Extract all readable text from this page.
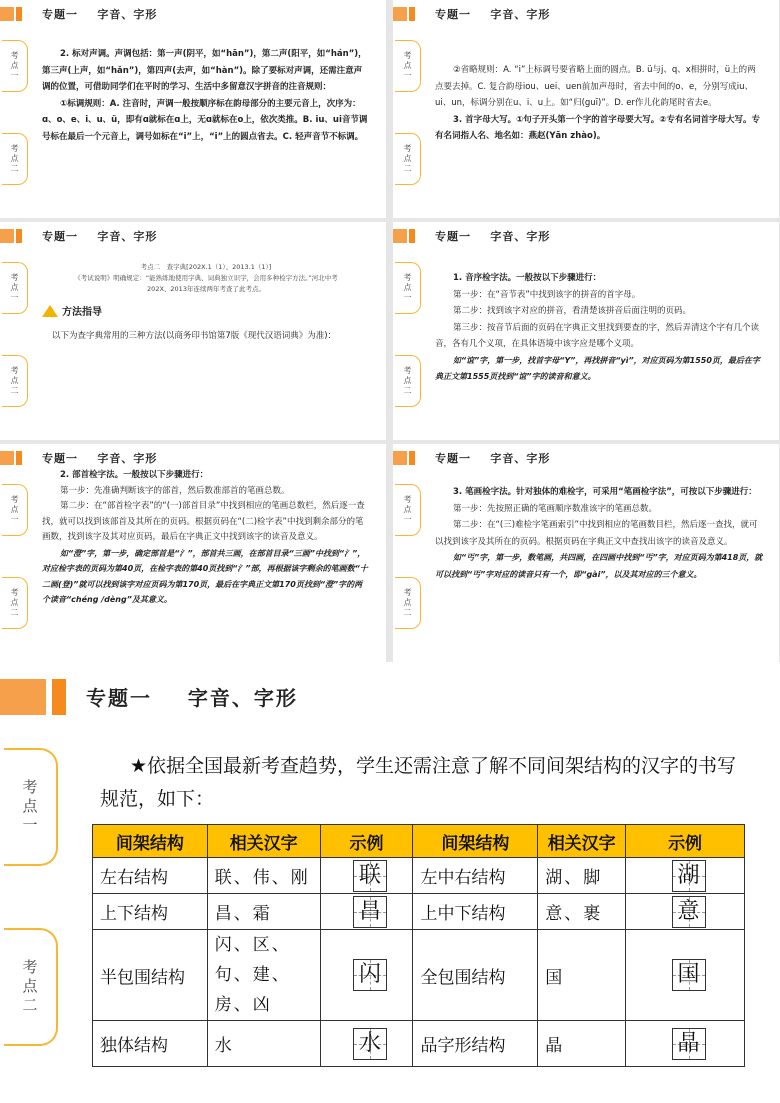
专题一    字音、字形
考点一
考点二

2. 标对声调。声调包括：第一声(阴平，如“hān”)，第二声(阳平，如“hán”)，第三声(上声，如“hǎn”)，第四声(去声，如“hàn”)。除了要标对声调，还需注意声调的位置，可借助同学们在平时的学习、生活中多留意汉字拼音的注音规则：

①标调规则：A. 注音时，声调一般按顺序标在韵母部分的主要元音上，次序为：ɑ、o、e、i、u、ü，即有ɑ就标在ɑ上，无ɑ就标在o上，依次类推。B. iu、ui音节调号标在最后一个元音上，调号如标在“i”上，“i”上的圆点省去。C. 轻声音节不标调。

专题一    字音、字形
考点一
考点二

②省略规则：A. “i”上标调号要省略上面的圆点。B. ü与j、q、x相拼时，ü上的两点要去掉。C. 复合韵母iou、uei、uen前加声母时，省去中间的o、e，分别写成iu、ui、un，标调分别在u、i、u上。如“归(guī)”。D. er作儿化韵尾时省去e。

3. 首字母大写。①句子开头第一个字的首字母要大写。②专有名词首字母大写。专有名词指人名、地名如：燕赵(Yān zhào)。

专题一    字音、字形
考点一
考点二

考点二　查字典[202X.1（1）、2013.1（1）]

《考试说明》明确规定：“能熟练地使用字典、词典独立识字，会用多种检字方法。”河北中考

202X、2013年连续两年考查了此考点。

方法指导

以下为查字典常用的三种方法(以商务印书馆第7版《现代汉语词典》为准)：

专题一    字音、字形
考点一
考点二

1. 音序检字法。一般按以下步骤进行：

第一步：在“音节表”中找到该字的拼音的首字母。

第二步：找到该字对应的拼音，看清楚该拼音后面注明的页码。

第三步：按音节后面的页码在字典正文里找到要查的字，然后弄清这个字有几个读音，各有几个义项，在具体语境中该字应是哪个义项。

如“谊”字，第一步，找首字母“Y”，再找拼音“yì”，对应页码为第1550页，最后在字典正文第1555页找到“谊”字的读音和意义。

专题一    字音、字形
考点一
考点二

2. 部首检字法。一般按以下步骤进行：

第一步：先准确判断该字的部首，然后数准部首的笔画总数。

第二步：在“部首检字表”的“(一)部首目录”中找到相应的笔画总数栏，然后逐一查找，就可以找到该部首及其所在的页码。根据页码在“(二)检字表”中找到剩余部分的笔画数，找到该字及其对应页码，最后在字典正文中找到该字的读音及意义。

如“澄”字，第一步，确定部首是“氵”，部首共三画，在部首目录“三画”中找到“氵”，对应检字表的页码为第40页，在检字表的第40页找到“氵”部，再根据该字剩余的笔画数“十二画(登)”就可以找到该字对应页码为第170页，最后在字典正文第170页找到“澄”字的两个读音“chéng /dèng”及其意义。

专题一    字音、字形
考点一
考点二

3. 笔画检字法。针对独体的难检字，可采用“笔画检字法”，可按以下步骤进行：

第一步：先按照正确的笔画顺序数准该字的笔画总数。

第二步：在“(三)难检字笔画索引”中找到相应的笔画数目栏，然后逐一查找，就可以找到该字及其所在的页码。根据页码在字典正文中查找出该字的读音及意义。

如“丐”字，第一步，数笔画，共四画，在四画中找到“丐”字，对应页码为第418页，就可以找到“丐”字对应的读音只有一个，即“gài”，以及其对应的三个意义。

专题一    字音、字形
考点一
考点二

★依据全国最新考查趋势，学生还需注意了解不同间架结构的汉字的书写规范，如下：

间架结构	相关汉字	示例	间架结构	相关汉字	示例
左右结构	联、伟、刚	联	左中右结构	湖、脚	湖
上下结构	昌、霜	昌	上中下结构	意、裹	意
半包围结构	闪、区、句、建、房、凶	闪	全包围结构	国	国
独体结构	水	水	品字形结构	晶	晶
